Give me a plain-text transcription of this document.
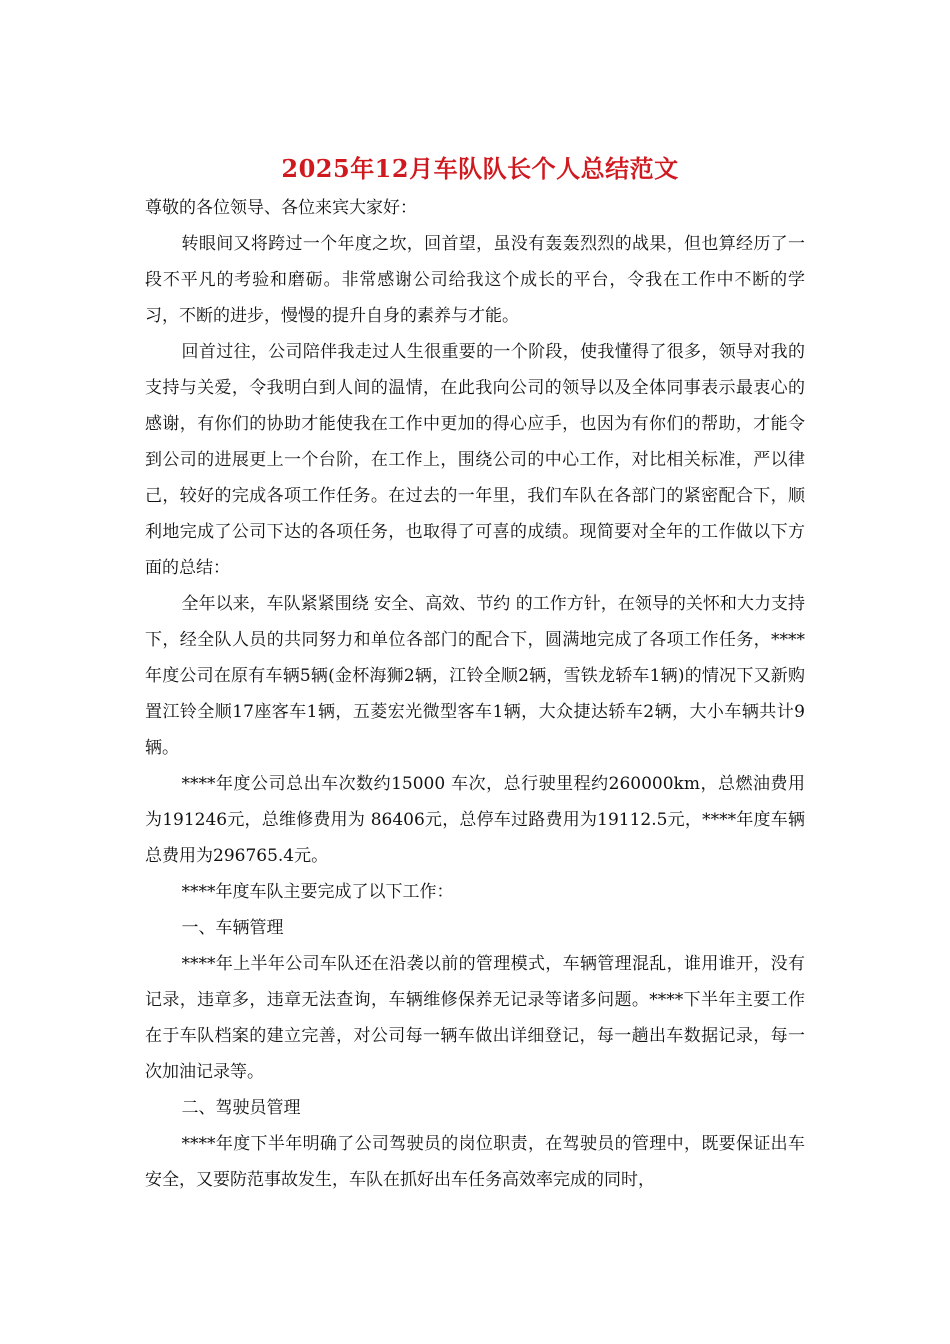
2025年12月车队队长个人总结范文

尊敬的各位领导、各位来宾大家好：

转眼间又将跨过一个年度之坎，回首望，虽没有轰轰烈烈的战果，但也算经历了一段不平凡的考验和磨砺。非常感谢公司给我这个成长的平台，令我在工作中不断的学习，不断的进步，慢慢的提升自身的素养与才能。

回首过往，公司陪伴我走过人生很重要的一个阶段，使我懂得了很多，领导对我的支持与关爱，令我明白到人间的温情，在此我向公司的领导以及全体同事表示最衷心的感谢，有你们的协助才能使我在工作中更加的得心应手，也因为有你们的帮助，才能令到公司的进展更上一个台阶，在工作上，围绕公司的中心工作，对比相关标准，严以律己，较好的完成各项工作任务。在过去的一年里，我们车队在各部门的紧密配合下，顺利地完成了公司下达的各项任务，也取得了可喜的成绩。现简要对全年的工作做以下方面的总结：

全年以来，车队紧紧围绕 安全、高效、节约 的工作方针，在领导的关怀和大力支持下，经全队人员的共同努力和单位各部门的配合下，圆满地完成了各项工作任务，****年度公司在原有车辆5辆(金杯海狮2辆，江铃全顺2辆，雪铁龙轿车1辆)的情况下又新购置江铃全顺17座客车1辆，五菱宏光微型客车1辆，大众捷达轿车2辆，大小车辆共计9辆。

****年度公司总出车次数约15000 车次，总行驶里程约260000km，总燃油费用为191246元，总维修费用为 86406元，总停车过路费用为19112.5元，****年度车辆总费用为296765.4元。

****年度车队主要完成了以下工作：

一、车辆管理

****年上半年公司车队还在沿袭以前的管理模式，车辆管理混乱，谁用谁开，没有记录，违章多，违章无法查询，车辆维修保养无记录等诸多问题。****下半年主要工作在于车队档案的建立完善，对公司每一辆车做出详细登记，每一趟出车数据记录，每一次加油记录等。

二、驾驶员管理

****年度下半年明确了公司驾驶员的岗位职责，在驾驶员的管理中，既要保证出车安全，又要防范事故发生，车队在抓好出车任务高效率完成的同时，
